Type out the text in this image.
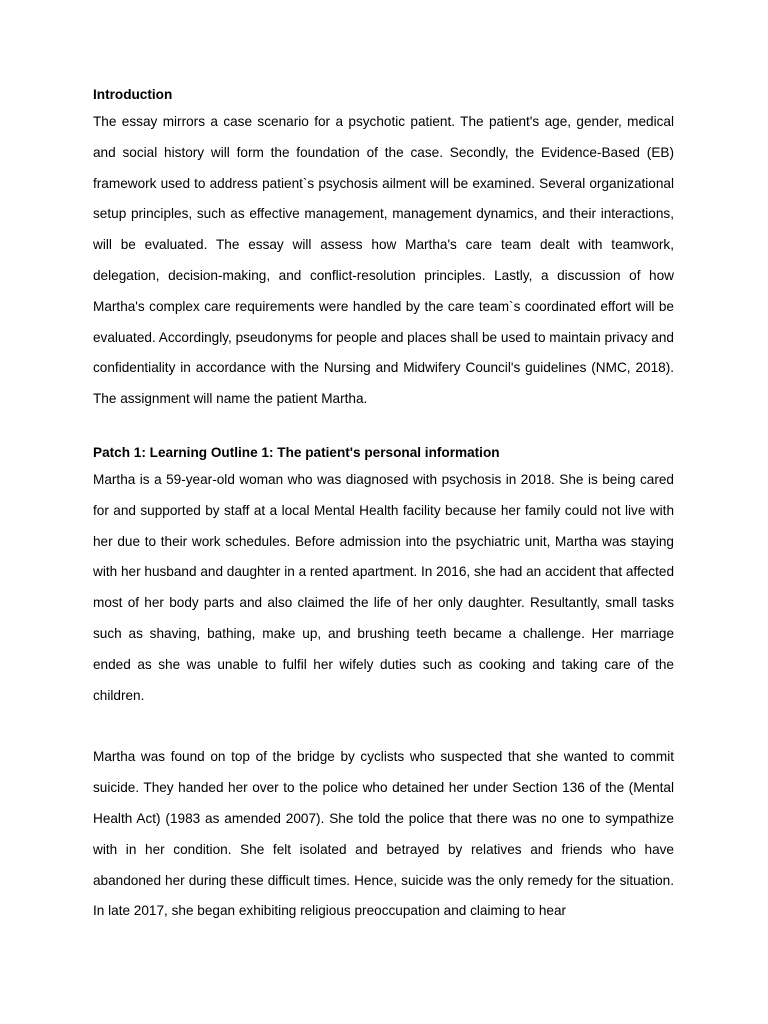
Introduction

The essay mirrors a case scenario for a psychotic patient. The patient's age, gender, medical and social history will form the foundation of the case. Secondly, the Evidence-Based (EB) framework used to address patient`s psychosis ailment will be examined. Several organizational setup principles, such as effective management, management dynamics, and their interactions, will be evaluated. The essay will assess how Martha's care team dealt with teamwork, delegation, decision-making, and conflict-resolution principles. Lastly, a discussion of how Martha's complex care requirements were handled by the care team`s coordinated effort will be evaluated. Accordingly, pseudonyms for people and places shall be used to maintain privacy and confidentiality in accordance with the Nursing and Midwifery Council's guidelines (NMC, 2018). The assignment will name the patient Martha.

Patch 1: Learning Outline 1: The patient's personal information

Martha is a 59-year-old woman who was diagnosed with psychosis in 2018. She is being cared for and supported by staff at a local Mental Health facility because her family could not live with her due to their work schedules. Before admission into the psychiatric unit, Martha was staying with her husband and daughter in a rented apartment. In 2016, she had an accident that affected most of her body parts and also claimed the life of her only daughter. Resultantly, small tasks such as shaving, bathing, make up, and brushing teeth became a challenge. Her marriage ended as she was unable to fulfil her wifely duties such as cooking and taking care of the children.

Martha was found on top of the bridge by cyclists who suspected that she wanted to commit suicide. They handed her over to the police who detained her under Section 136 of the (Mental Health Act) (1983 as amended 2007). She told the police that there was no one to sympathize with in her condition. She felt isolated and betrayed by relatives and friends who have abandoned her during these difficult times. Hence, suicide was the only remedy for the situation. In late 2017, she began exhibiting religious preoccupation and claiming to hear
